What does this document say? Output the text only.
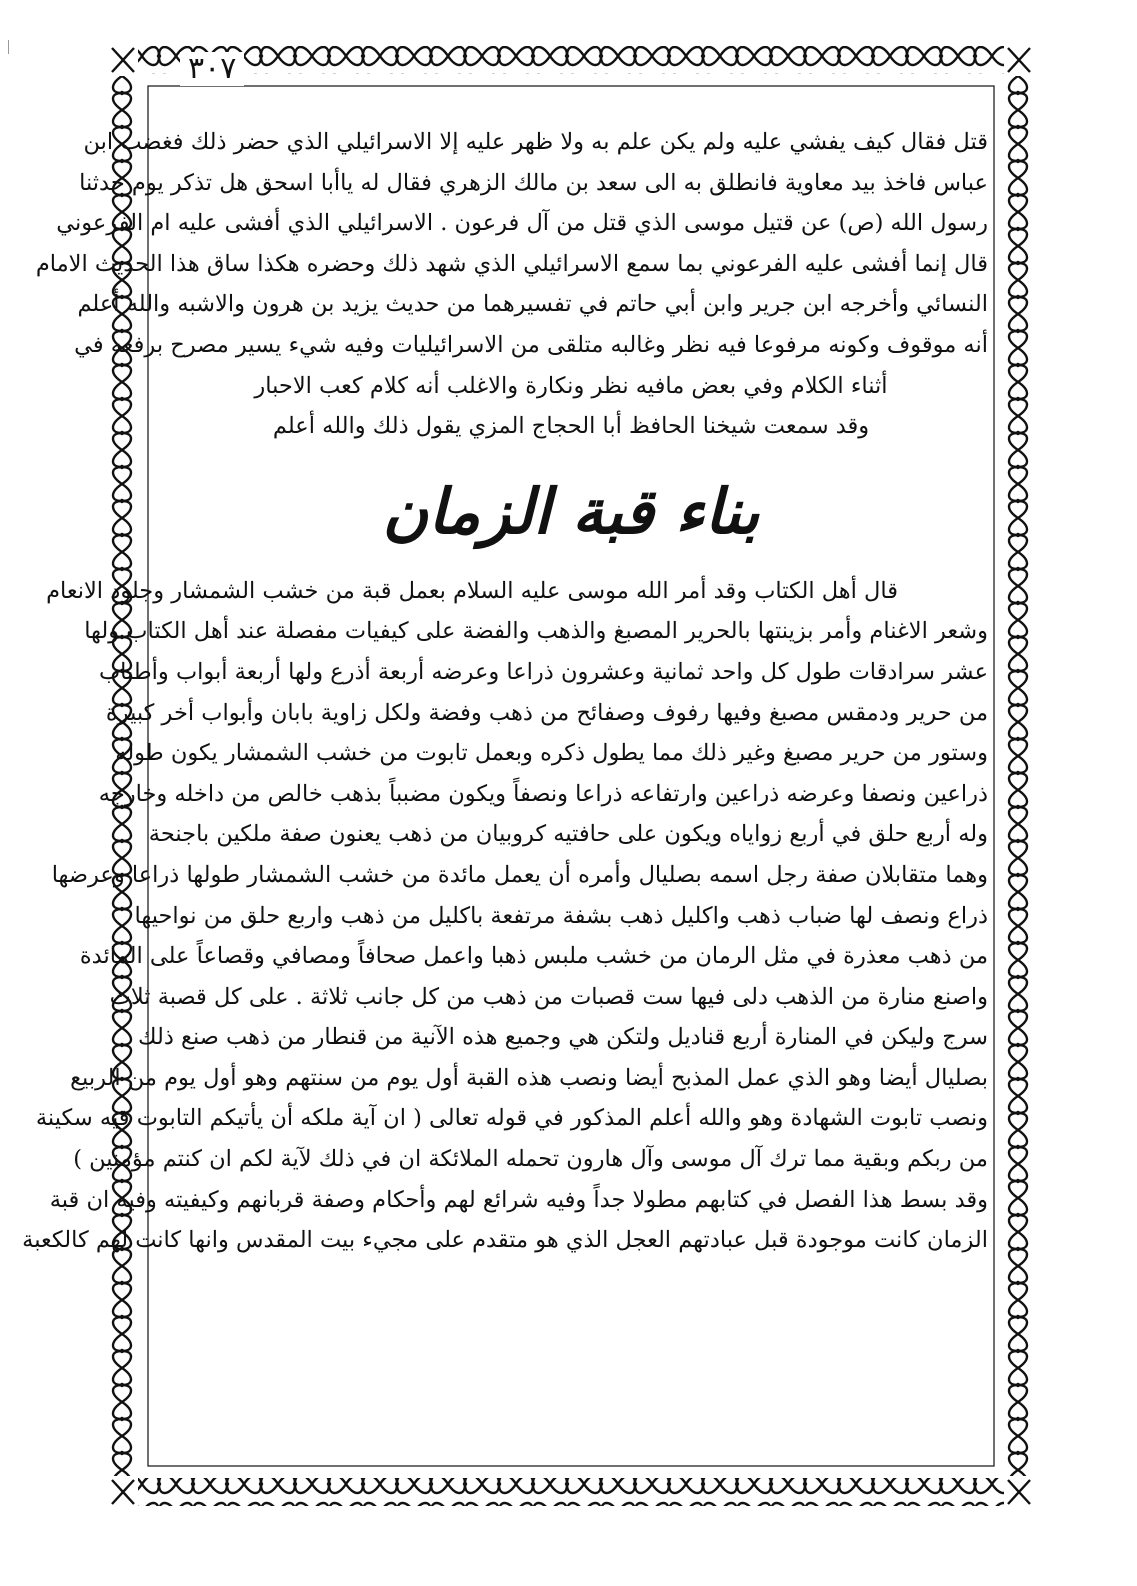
٣٠٧
قتل فقال كيف يفشي عليه ولم يكن علم به ولا ظهر عليه إلا الاسرائيلي الذي حضر ذلك فغضب ابن
عباس فاخذ بيد معاوية فانطلق به الى سعد بن مالك الزهري فقال له ياأبا اسحق هل تذكر يوم حدثنا
رسول الله (ص) عن قتيل موسى الذي قتل من آل فرعون . الاسرائيلي الذي أفشى عليه ام الفرعوني
قال إنما أفشى عليه الفرعوني بما سمع الاسرائيلي الذي شهد ذلك وحضره هكذا ساق هذا الحديث الامام
النسائي وأخرجه ابن جرير وابن أبي حاتم في تفسيرهما من حديث يزيد بن هرون والاشبه والله أعلم
أنه موقوف وكونه مرفوعا فيه نظر وغالبه متلقى من الاسرائيليات وفيه شيء يسير مصرح برفعه في
أثناء الكلام وفي بعض مافيه نظر ونكارة والاغلب أنه كلام كعب الاحبار
وقد سمعت شيخنا الحافظ أبا الحجاج المزي يقول ذلك والله أعلم
بناء قبة الزمان
قال أهل الكتاب وقد أمر الله موسى عليه السلام بعمل قبة من خشب الشمشار وجلود الانعام
وشعر الاغنام وأمر بزينتها بالحرير المصبغ والذهب والفضة على كيفيات مفصلة عند أهل الكتاب ولها
عشر سرادقات طول كل واحد ثمانية وعشرون ذراعا وعرضه أربعة أذرع ولها أربعة أبواب وأطناب
من حرير ودمقس مصبغ وفيها رفوف وصفائح من ذهب وفضة ولكل زاوية بابان وأبواب أخر كبيرة
وستور من حرير مصبغ وغير ذلك مما يطول ذكره وبعمل تابوت من خشب الشمشار يكون طوله
ذراعين ونصفا وعرضه ذراعين وارتفاعه ذراعا ونصفاً ويكون مضبباً بذهب خالص من داخله وخارجه
وله أربع حلق في أربع زواياه ويكون على حافتيه كروبيان من ذهب يعنون صفة ملكين باجنحة
وهما متقابلان صفة رجل اسمه بصليال وأمره أن يعمل مائدة من خشب الشمشار طولها ذراعا وعرضها
ذراع ونصف لها ضباب ذهب واكليل ذهب بشفة مرتفعة باكليل من ذهب واربع حلق من نواحيها
من ذهب معذرة في مثل الرمان من خشب ملبس ذهبا واعمل صحافاً ومصافي وقصاعاً على المائدة
واصنع منارة من الذهب دلى فيها ست قصبات من ذهب من كل جانب ثلاثة . على كل قصبة ثلاث
سرج وليكن في المنارة أربع قناديل ولتكن هي وجميع هذه الآنية من قنطار من ذهب صنع ذلك
بصليال أيضا وهو الذي عمل المذبح أيضا ونصب هذه القبة أول يوم من سنتهم وهو أول يوم من الربيع
ونصب تابوت الشهادة وهو والله أعلم المذكور في قوله تعالى ( ان آية ملكه أن يأتيكم التابوت فيه سكينة
من ربكم وبقية مما ترك آل موسى وآل هارون تحمله الملائكة ان في ذلك لآية لكم ان كنتم مؤمنين )
وقد بسط هذا الفصل في كتابهم مطولا جداً وفيه شرائع لهم وأحكام وصفة قربانهم وكيفيته وفيه ان قبة
الزمان كانت موجودة قبل عبادتهم العجل الذي هو متقدم على مجيء بيت المقدس وانها كانت لهم كالكعبة
